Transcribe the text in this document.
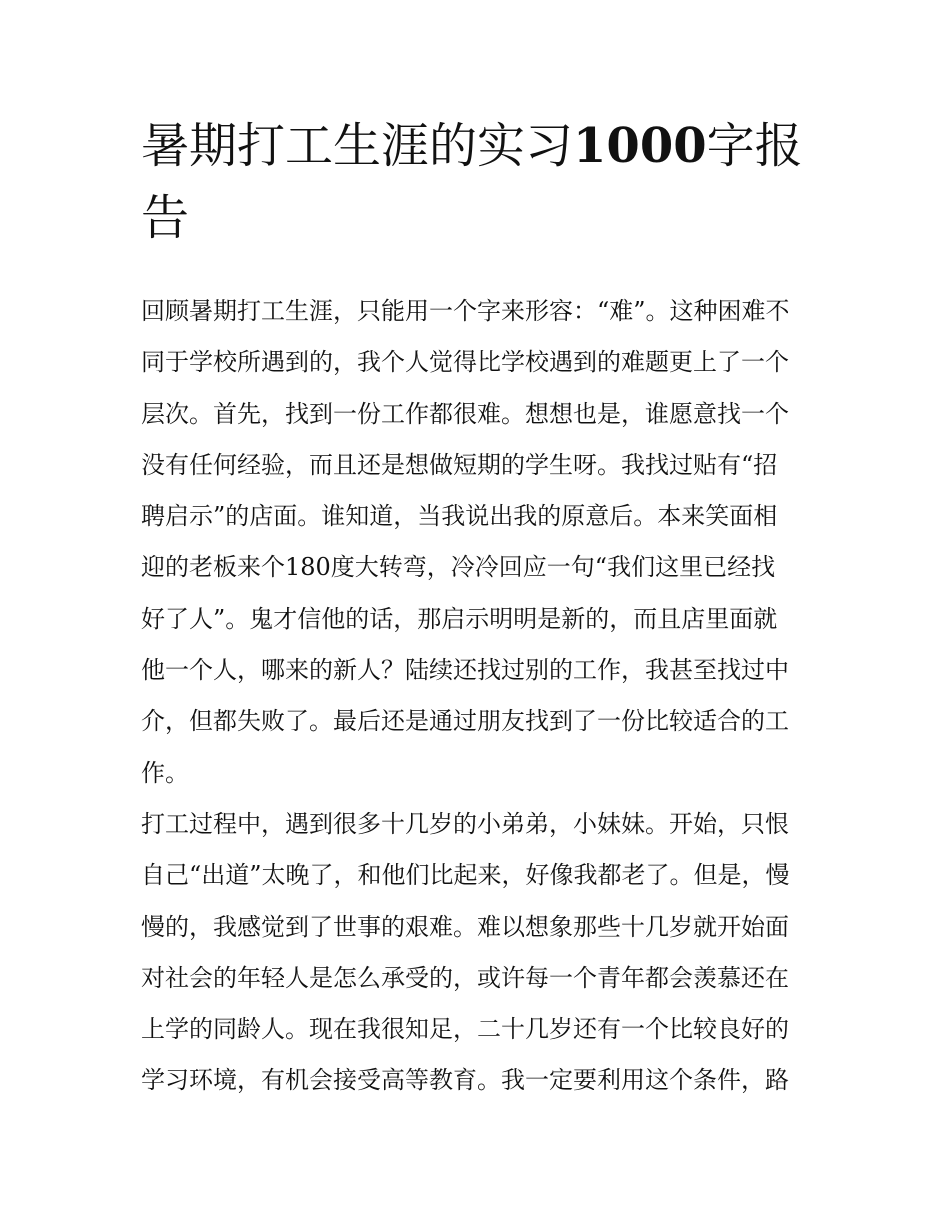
暑期打工生涯的实习1000字报告
回顾暑期打工生涯，只能用一个字来形容：“难”。这种困难不
同于学校所遇到的，我个人觉得比学校遇到的难题更上了一个
层次。首先，找到一份工作都很难。想想也是，谁愿意找一个
没有任何经验，而且还是想做短期的学生呀。我找过贴有“招
聘启示”的店面。谁知道，当我说出我的原意后。本来笑面相
迎的老板来个180度大转弯，冷冷回应一句“我们这里已经找
好了人”。鬼才信他的话，那启示明明是新的，而且店里面就
他一个人，哪来的新人？陆续还找过别的工作，我甚至找过中
介，但都失败了。最后还是通过朋友找到了一份比较适合的工
作。
打工过程中，遇到很多十几岁的小弟弟，小妹妹。开始，只恨
自己“出道”太晚了，和他们比起来，好像我都老了。但是，慢
慢的，我感觉到了世事的艰难。难以想象那些十几岁就开始面
对社会的年轻人是怎么承受的，或许每一个青年都会羡慕还在
上学的同龄人。现在我很知足，二十几岁还有一个比较良好的
学习环境，有机会接受高等教育。我一定要利用这个条件，路
